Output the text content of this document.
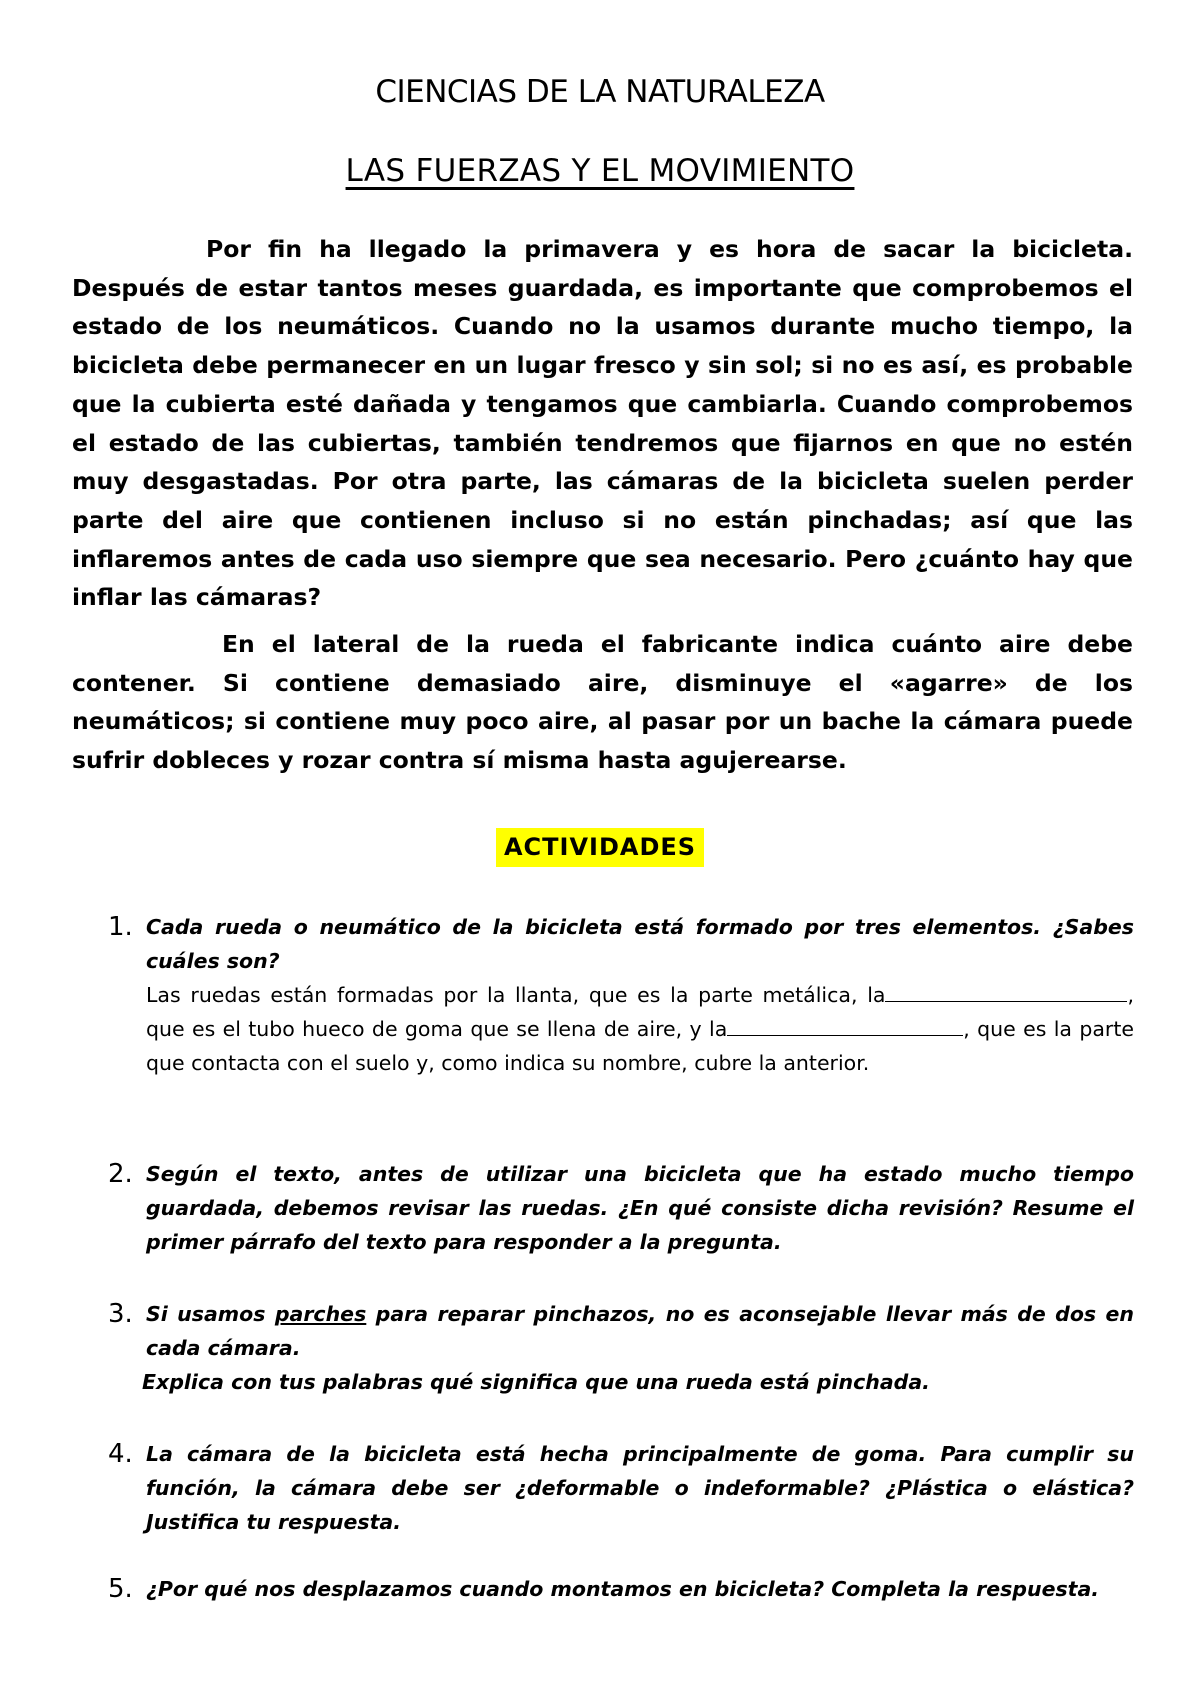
CIENCIAS DE LA NATURALEZA
LAS FUERZAS Y EL MOVIMIENTO
Por fin ha llegado la primavera y es hora de sacar la bicicleta. Después de estar tantos meses guardada, es importante que comprobemos el estado de los neumáticos. Cuando no la usamos durante mucho tiempo, la bicicleta debe permanecer en un lugar fresco y sin sol; si no es así, es probable que la cubierta esté dañada y tengamos que cambiarla. Cuando comprobemos el estado de las cubiertas, también tendremos que fijarnos en que no estén muy desgastadas. Por otra parte, las cámaras de la bicicleta suelen perder parte del aire que contienen incluso si no están pinchadas; así que las inflaremos antes de cada uso siempre que sea necesario. Pero ¿cuánto hay que inflar las cámaras?
En el lateral de la rueda el fabricante indica cuánto aire debe contener. Si contiene demasiado aire, disminuye el «agarre» de los neumáticos; si contiene muy poco aire, al pasar por un bache la cámara puede sufrir dobleces y rozar contra sí misma hasta agujerearse.
ACTIVIDADES
1. Cada rueda o neumático de la bicicleta está formado por tres elementos. ¿Sabes cuáles son?
Las ruedas están formadas por la llanta, que es la parte metálica, la	, que es el tubo hueco de goma que se llena de aire, y la	, que es la parte que contacta con el suelo y, como indica su nombre, cubre la anterior.
2. Según el texto, antes de utilizar una bicicleta que ha estado mucho tiempo guardada, debemos revisar las ruedas. ¿En qué consiste dicha revisión? Resume el primer párrafo del texto para responder a la pregunta.
3. Si usamos parches para reparar pinchazos, no es aconsejable llevar más de dos en cada cámara.
Explica con tus palabras qué significa que una rueda está pinchada.
4. La cámara de la bicicleta está hecha principalmente de goma. Para cumplir su función, la cámara debe ser ¿deformable o indeformable? ¿Plástica o elástica? Justifica tu respuesta.
5. ¿Por qué nos desplazamos cuando montamos en bicicleta? Completa la respuesta.
